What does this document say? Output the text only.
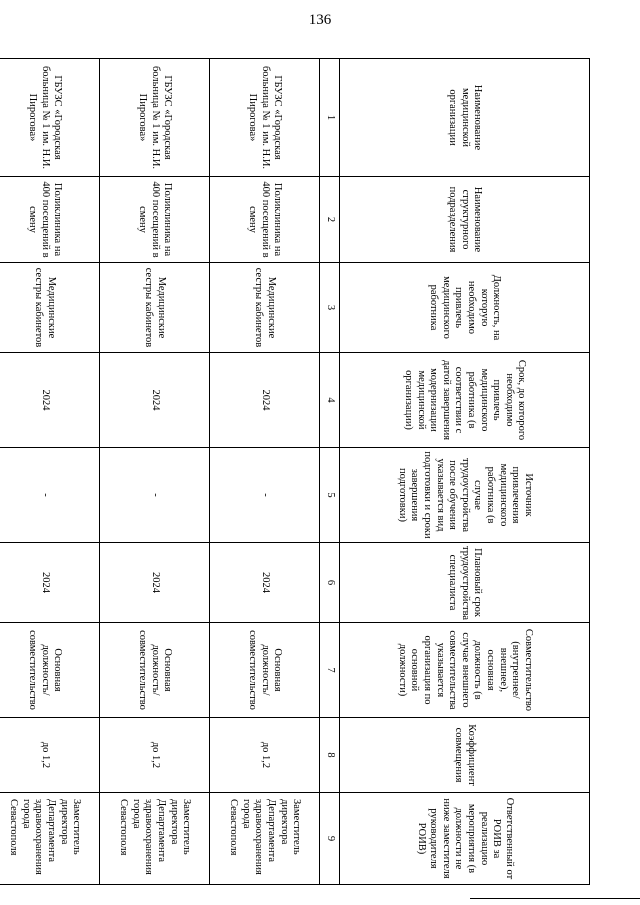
136
Наименование медицинской организации	Наименование структурного подразделения	Должность, на которую необходимо привлечь медицинского работника	Срок, до которого необходимо привлечь медицинского работника (в соответствии с датой завершения модернизации медицинской организации)	Источник привлечения медицинского работника (в случае трудоустройства после обучения указывается вид подготовки и сроки завершения подготовки)	Плановый срок трудоустройства специалиста	Совместительство (внутреннее/внешнее), основная должность (в случае внешнего совместительства указывается организация по основной должности)	Коэффициент совмещения	Ответственный от РОИВ за реализацию мероприятия (в должности не ниже заместителя руководителя РОИВ)
1	2	3	4	5	6	7	8	9
ГБУЗС «Городская больница № 1 им. Н.И. Пирогова»	Поликлиника на 400 посещений в смену	Медицинские сестры кабинетов	2024	-	2024	Основная должность/ совместительство	до 1,2	Заместитель директора Департамента здравоохранения города Севастополя
ГБУЗС «Городская больница № 1 им. Н.И. Пирогова»	Поликлиника на 400 посещений в смену	Медицинские сестры кабинетов	2024	-	2024	Основная должность/ совместительство	до 1,2	Заместитель директора Департамента здравоохранения города Севастополя
ГБУЗС «Городская больница № 1 им. Н.И. Пирогова»	Поликлиника на 400 посещений в смену	Медицинские сестры кабинетов	2024	-	2024	Основная должность/ совместительство	до 1,2	Заместитель директора Департамента здравоохранения города Севастополя
